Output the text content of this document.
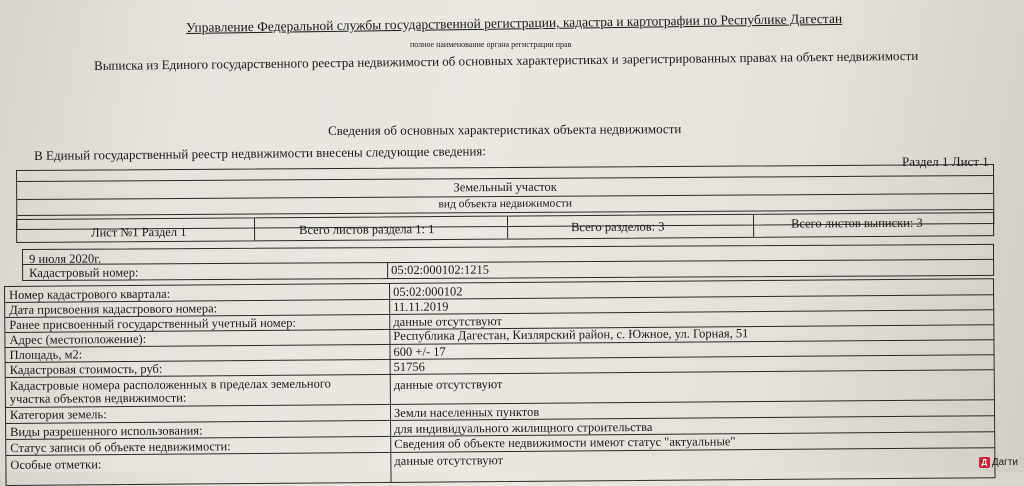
Управление Федеральной службы государственной регистрации, кадастра и картографии по Республике Дагестан
полное наименование органа регистрации прав
Выписка из Единого государственного реестра недвижимости об основных характеристиках и зарегистрированных правах на объект недвижимости
Сведения об основных характеристиках объекта недвижимости
В Единый государственный реестр недвижимости внесены следующие сведения:	Раздел 1 Лист 1
Земельный участок
вид объекта недвижимости
Лист №1 Раздел 1	Всего листов раздела 1: 1	Всего разделов: 3	Всего листов выписки: 3
9 июля 2020г.
Кадастровый номер:	05:02:000102:1215
Номер кадастрового квартала:	05:02:000102
Дата присвоения кадастрового номера:	11.11.2019
Ранее присвоенный государственный учетный номер:	данные отсутствуют
Адрес (местоположение):	Республика Дагестан, Кизлярский район, с. Южное, ул. Горная, 51
Площадь, м2:	600 +/- 17
Кадастровая стоимость, руб:	51756
Кадастровые номера расположенных в пределах земельного
участка объектов недвижимости:
данные отсутствуют
Категория земель:	Земли населенных пунктов
Виды разрешенного использования:	для индивидуального жилищного строительства
Статус записи об объекте недвижимости:	Сведения об объекте недвижимости имеют статус "актуальные"
Особые отметки:	данные отсутствуют	Д Дагти
